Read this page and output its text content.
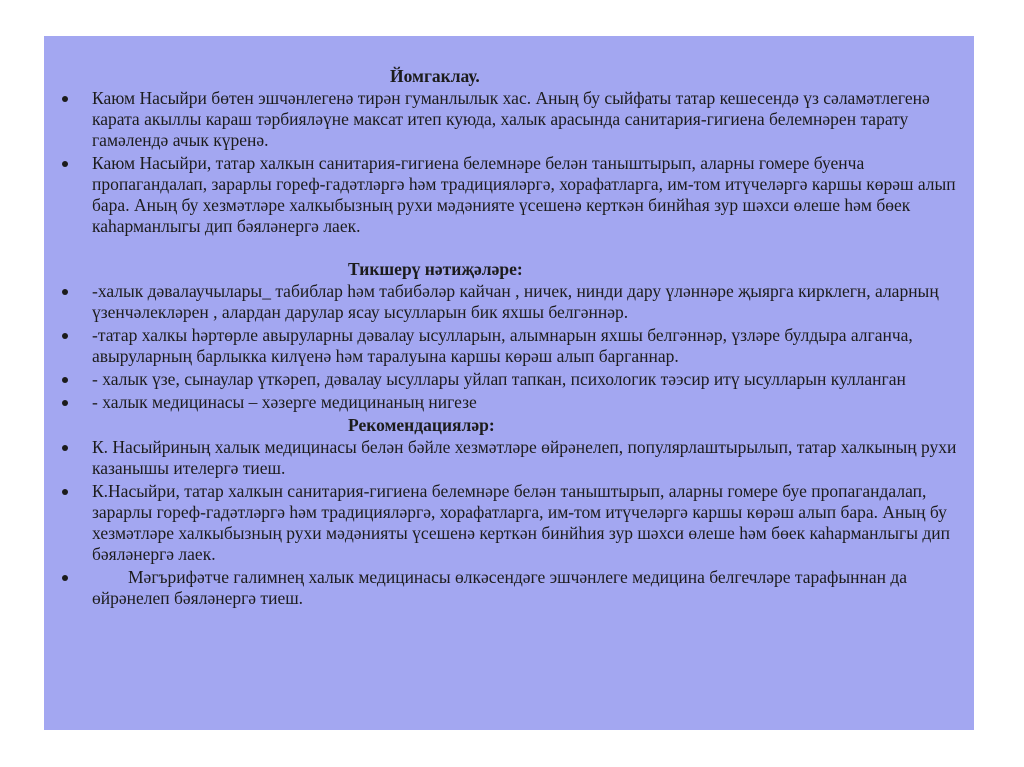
Йомгаклау.

Каюм Насыйри бөтен эшчәнлегенә тирән гуманлылык хас. Аның бу сыйфаты татар кешесендә үз сәламәтлегенә карата акыллы караш тәрбияләүне максат итеп куюда, халык арасында санитария-гигиена белемнәрен тарату гамәлендә ачык күренә.
Каюм Насыйри, татар халкын санитария-гигиена белемнәре белән таныштырып, аларны гомере буенча пропагандалап, зарарлы гореф-гадәтләргә һәм традицияләргә, хорафатларга, им-том итүчеләргә каршы көрәш алып бара. Аның бу хезмәтләре халкыбызның рухи мәдәниятe үсешенә керткән бинйһая зур шәхси өлеше һәм бөек каһарманлыгы дип бәяләнергә лаек.

Тикшерү нәтиҗәләре:

-халык дәвалаучылары_ табиблар һәм табибәләр кайчан , ничек, нинди дару үләннәре җыярга кирклегн, аларның үзенчәлекләрен , алардан дарулар ясау ысулларын бик яхшы белгәннәр.
-татар халкы һәртөрле авыруларны дәвалау ысулларын, алымнарын яхшы белгәннәр, үзләре булдыра алганча, авыруларның барлыкка килүенә һәм таралуына каршы көрәш алып барганнар.
- халык үзе, сынаулар үткәреп, дәвалау ысуллары уйлап тапкан, психологик тәэсир итү ысулларын кулланган
- халык медицинасы – хәзерге медицинаның нигезе

Рекомендацияләр:

К. Насыйриның халык медицинасы белән бәйле хезмәтләре өйрәнелеп, популярлаштырылып, татар халкының рухи казанышы ителергә тиеш.
К.Насыйри, татар халкын санитария-гигиена белемнәре белән таныштырып, аларны гомере буе пропагандалап, зарарлы гореф-гадәтләргә һәм традицияләргә, хорафатларга, им-том итүчеләргә каршы көрәш алып бара. Аның бу хезмәтләре халкыбызның рухи мәдәнияты үсешенә керткән бинйһия зур шәхси өлеше һәм бөек каһарманлыгы дип бәяләнергә лаек.
Мәгърифәтче галимнең халык медицинасы өлкәсендәге эшчәнлеге медицина белгечләре тарафыннан да өйрәнелеп бәяләнергә тиеш.
